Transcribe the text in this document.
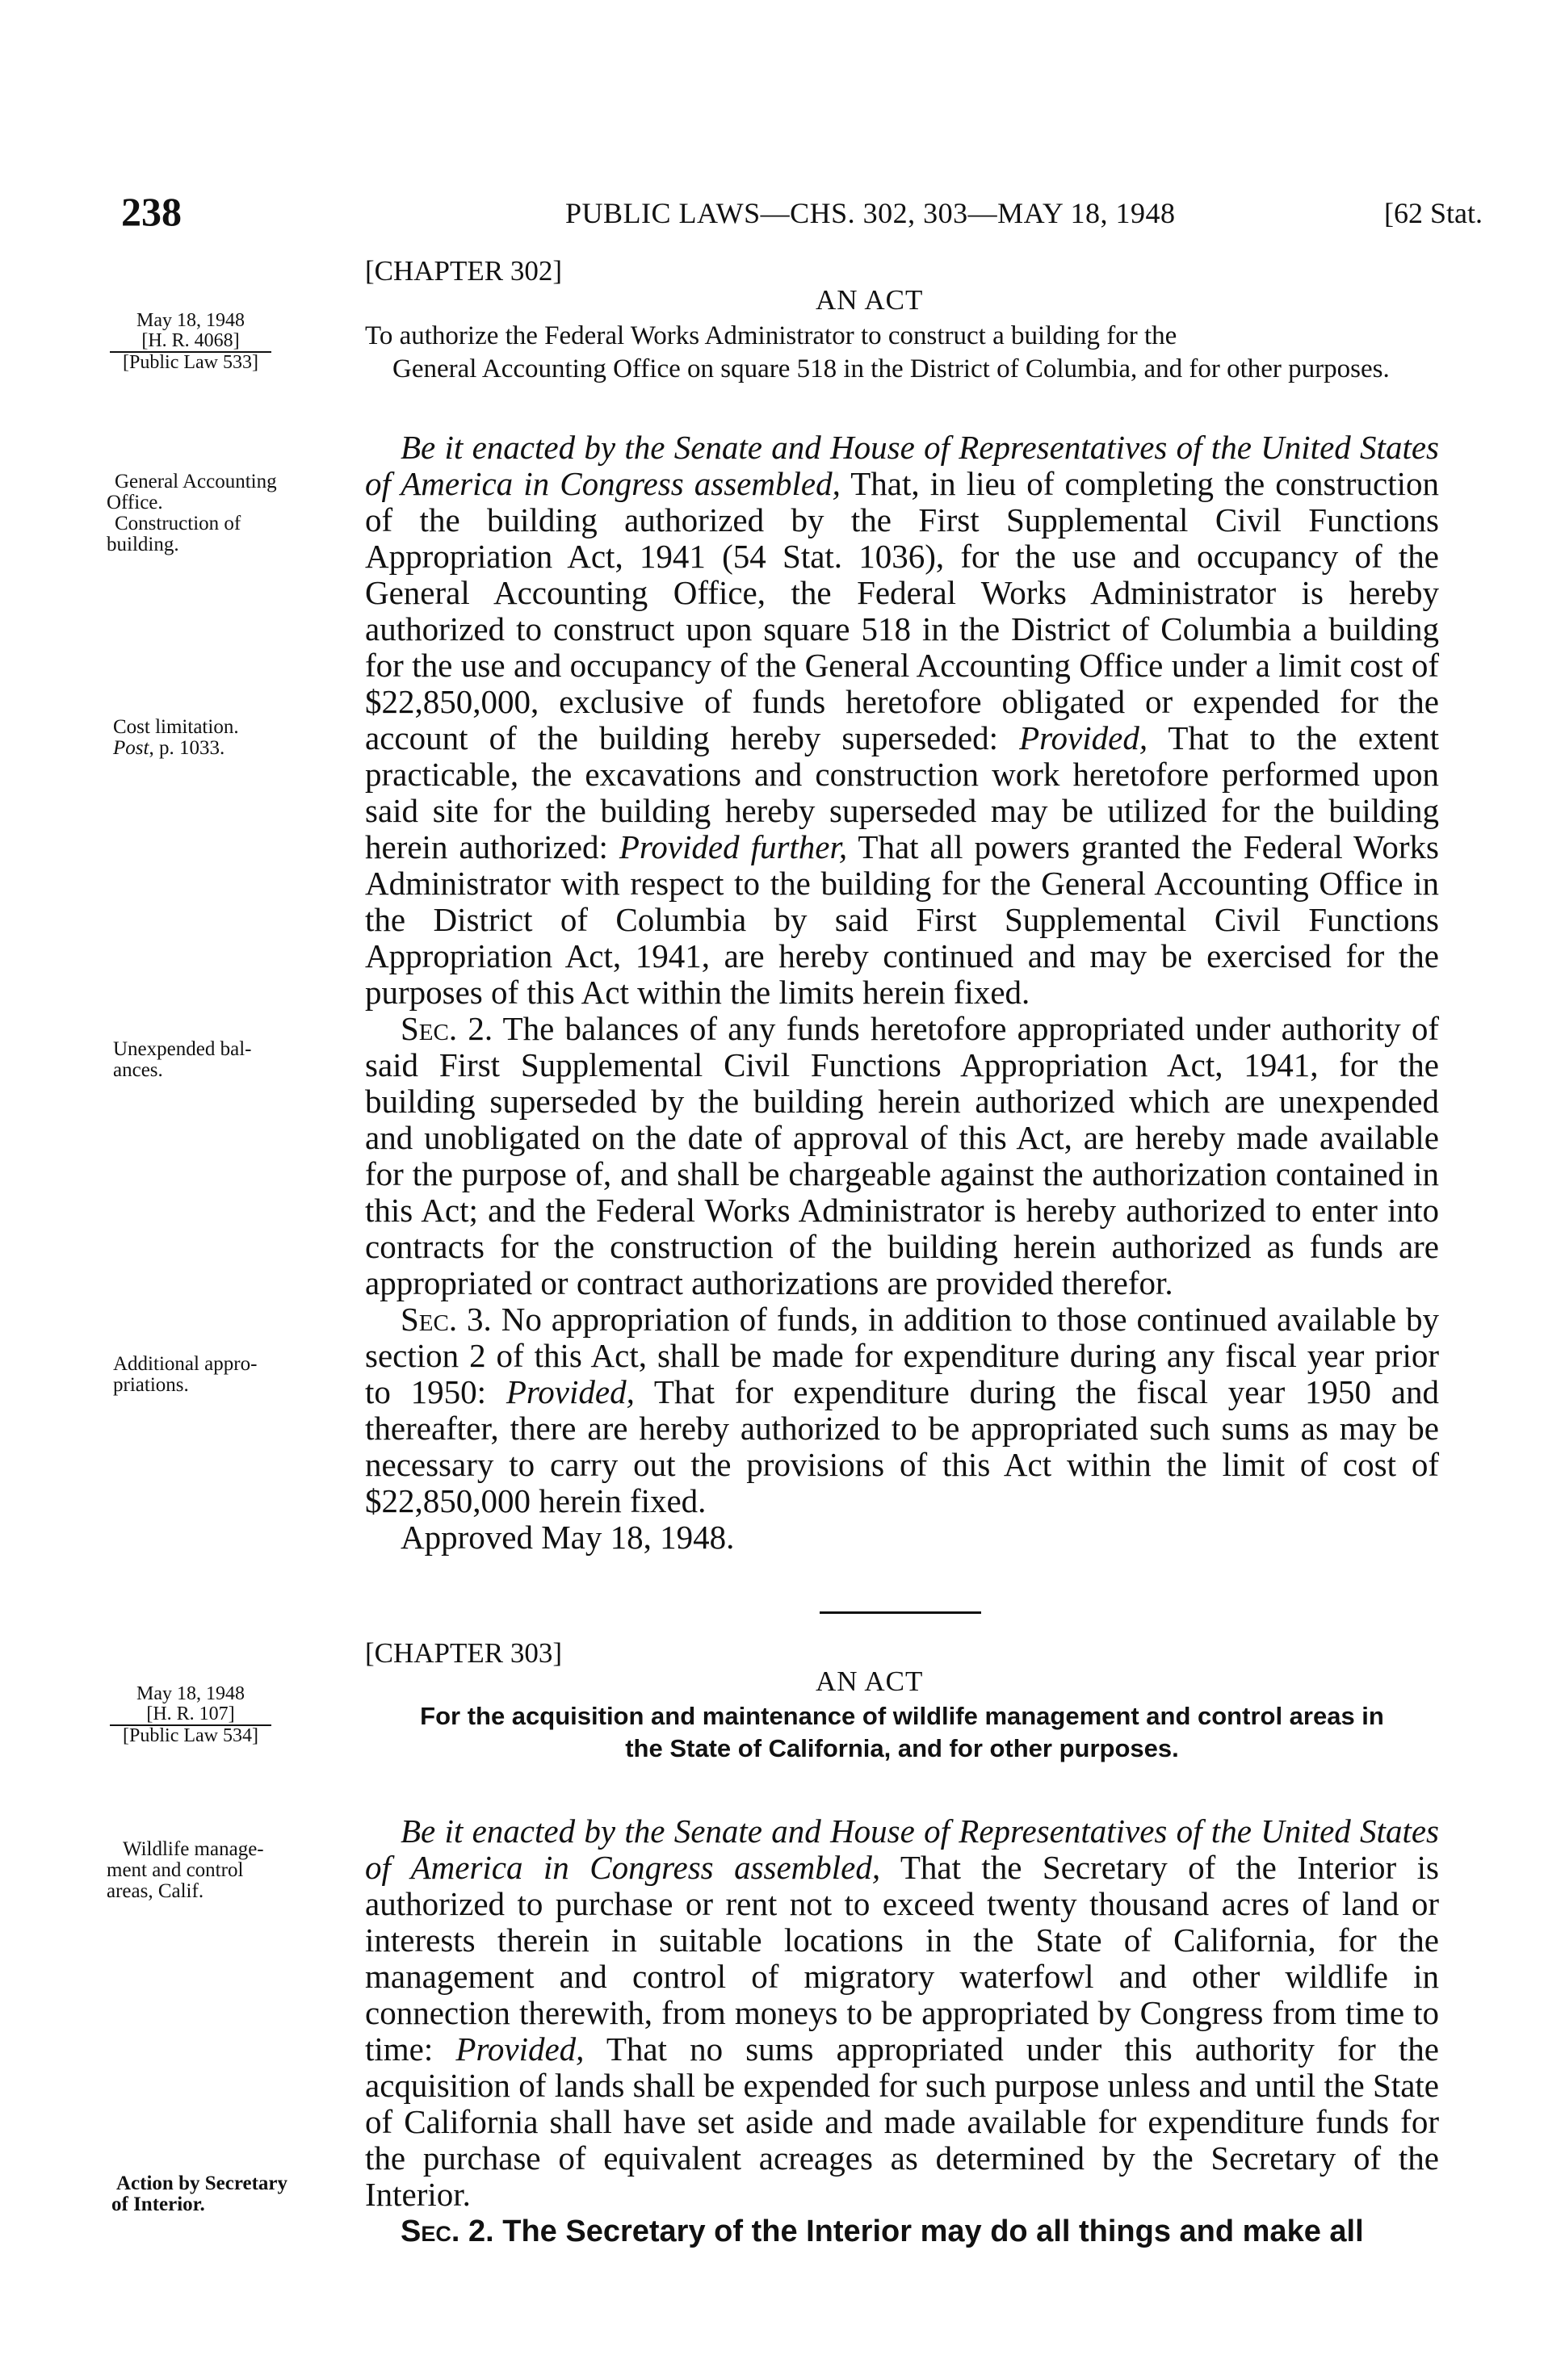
238	PUBLIC LAWS—CHS. 302, 303—MAY 18, 1948	[62 Stat.
[CHAPTER 302]
AN ACT
May 18, 1948
[H. R. 4068]
[Public Law 533]
To authorize the Federal Works Administrator to construct a building for the
General Accounting Office on square 518 in the District of Columbia, and for other purposes.
General Accounting
Office.
Construction of
building.
Cost limitation.
Post, p. 1033.
Unexpended bal-
ances.
Additional appro-
priations.

Be it enacted by the Senate and House of Representatives of the United States of America in Congress assembled, That, in lieu of completing the construction of the building authorized by the First Supplemental Civil Functions Appropriation Act, 1941 (54 Stat. 1036), for the use and occupancy of the General Accounting Office, the Federal Works Administrator is hereby authorized to construct upon square 518 in the District of Columbia a building for the use and occupancy of the General Accounting Office under a limit cost of $22,850,000, exclusive of funds heretofore obligated or expended for the account of the building hereby superseded: Provided, That to the extent practicable, the excavations and construction work heretofore performed upon said site for the building hereby superseded may be utilized for the building herein authorized: Provided further, That all powers granted the Federal Works Administrator with respect to the building for the General Accounting Office in the District of Columbia by said First Supplemental Civil Functions Appropriation Act, 1941, are hereby continued and may be exercised for the purposes of this Act within the limits herein fixed.

Sec. 2. The balances of any funds heretofore appropriated under authority of said First Supplemental Civil Functions Appropriation Act, 1941, for the building superseded by the building herein authorized which are unexpended and unobligated on the date of approval of this Act, are hereby made available for the purpose of, and shall be chargeable against the authorization contained in this Act; and the Federal Works Administrator is hereby authorized to enter into contracts for the construction of the building herein authorized as funds are appropriated or contract authorizations are provided therefor.

Sec. 3. No appropriation of funds, in addition to those continued available by section 2 of this Act, shall be made for expenditure during any fiscal year prior to 1950: Provided, That for expenditure during the fiscal year 1950 and thereafter, there are hereby authorized to be appropriated such sums as may be necessary to carry out the provisions of this Act within the limit of cost of $22,850,000 herein fixed.

Approved May 18, 1948.

[CHAPTER 303]
AN ACT
May 18, 1948
[H. R. 107]
[Public Law 534]
For the acquisition and maintenance of wildlife management and control areas in
the State of California, and for other purposes.
Wildlife manage-
ment and control
areas, Calif.
Action by Secretary
of Interior.

Be it enacted by the Senate and House of Representatives of the United States of America in Congress assembled, That the Secretary of the Interior is authorized to purchase or rent not to exceed twenty thousand acres of land or interests therein in suitable locations in the State of California, for the management and control of migratory waterfowl and other wildlife in connection therewith, from moneys to be appropriated by Congress from time to time: Provided, That no sums appropriated under this authority for the acquisition of lands shall be expended for such purpose unless and until the State of California shall have set aside and made available for expenditure funds for the purchase of equivalent acreages as determined by the Secretary of the Interior.

Sec. 2. The Secretary of the Interior may do all things and make all
